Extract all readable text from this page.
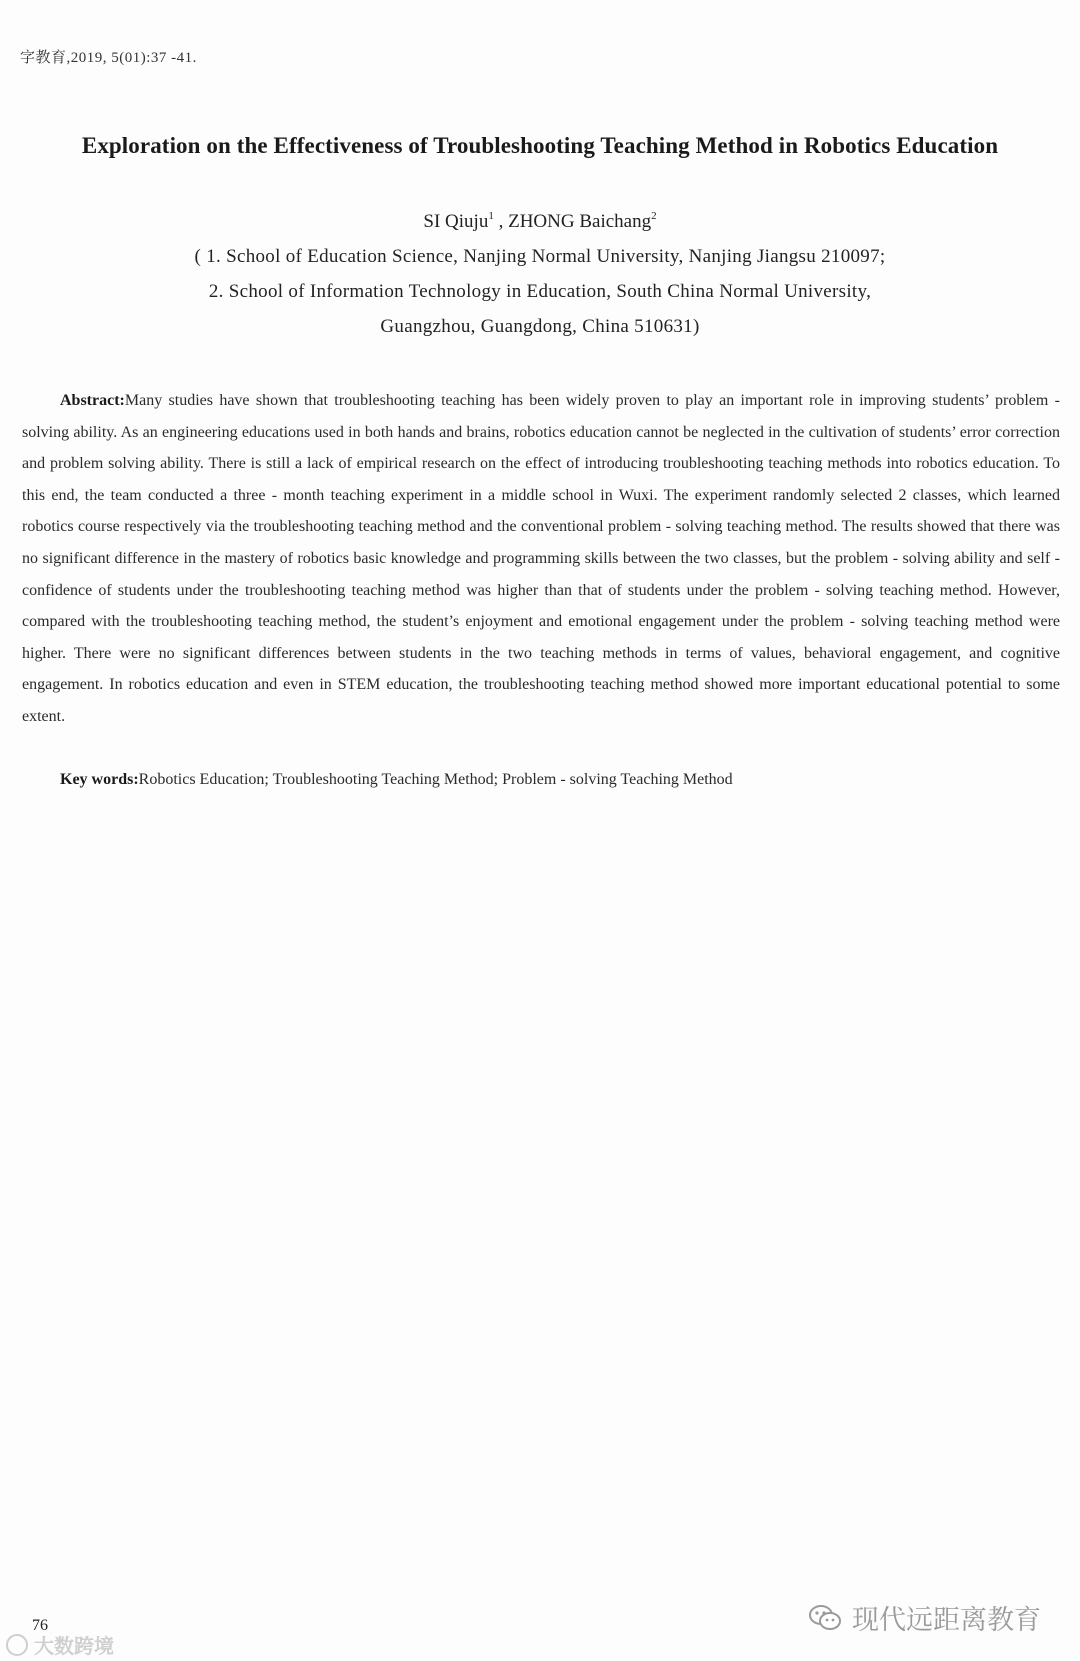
字教育,2019, 5(01):37 -41.
Exploration on the Effectiveness of Troubleshooting Teaching Method in Robotics Education
SI Qiuju$^1$ , ZHONG Baichang$^2$
( 1. School of Education Science, Nanjing Normal University, Nanjing Jiangsu 210097;
2. School of Information Technology in Education, South China Normal University,
Guangzhou, Guangdong, China 510631)

Abstract:Many studies have shown that troubleshooting teaching has been widely proven to play an important role in improving students’ problem - solving ability. As an engineering educations used in both hands and brains, robotics education cannot be neglected in the cultivation of students’ error correction and problem solving ability. There is still a lack of empirical research on the effect of introducing troubleshooting teaching methods into robotics education. To this end, the team conducted a three - month teaching experiment in a middle school in Wuxi. The experiment randomly selected 2 classes, which learned robotics course respectively via the troubleshooting teaching method and the conventional problem - solving teaching method. The results showed that there was no significant difference in the mastery of robotics basic knowledge and programming skills between the two classes, but the problem - solving ability and self - confidence of students under the troubleshooting teaching method was higher than that of students under the problem - solving teaching method. However, compared with the troubleshooting teaching method, the student’s enjoyment and emotional engagement under the problem - solving teaching method were higher. There were no significant differences between students in the two teaching methods in terms of values, behavioral engagement, and cognitive engagement. In robotics education and even in STEM education, the troubleshooting teaching method showed more important educational potential to some extent.

Key words:Robotics Education; Troubleshooting Teaching Method; Problem - solving Teaching Method

76
大数跨境
现代远距离教育
